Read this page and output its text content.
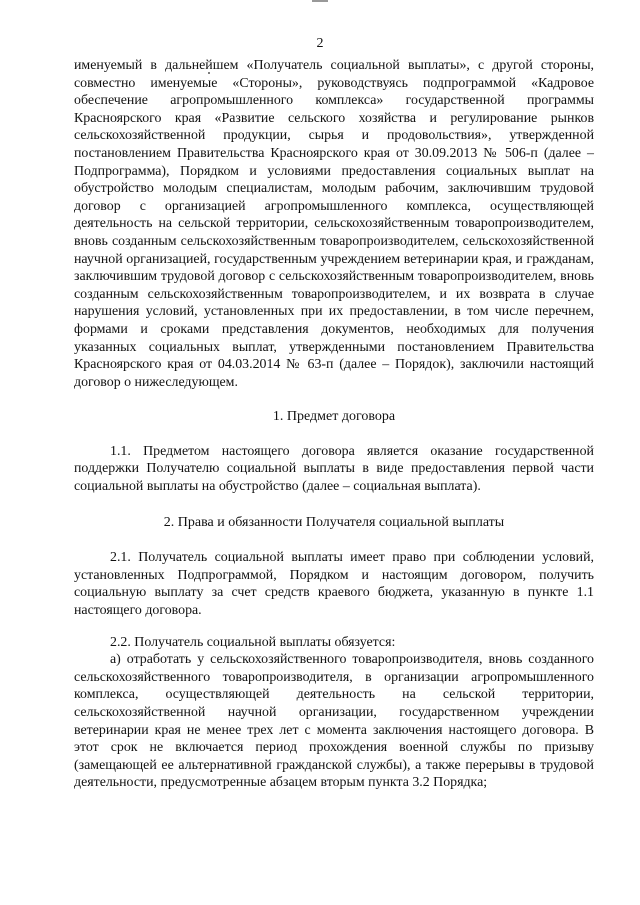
2

именуемый в дальнейшем «Получатель социальной выплаты», с другой стороны, совместно именуемые «Стороны», руководствуясь подпрограммой «Кадровое обеспечение агропромышленного комплекса» государственной программы Красноярского края «Развитие сельского хозяйства и регулирование рынков сельскохозяйственной продукции, сырья и продовольствия», утвержденной постановлением Правительства Красноярского края от 30.09.2013 № 506-п (далее – Подпрограмма), Порядком и условиями предоставления социальных выплат на обустройство молодым специалистам, молодым рабочим, заключившим трудовой договор с организацией агропромышленного комплекса, осуществляющей деятельность на сельской территории, сельскохозяйственным товаропроизводителем, вновь созданным сельскохозяйственным товаропроизводителем, сельскохозяйственной научной организацией, государственным учреждением ветеринарии края, и гражданам, заключившим трудовой договор с сельскохозяйственным товаропроизводителем, вновь созданным сельскохозяйственным товаропроизводителем, и их возврата в случае нарушения условий, установленных при их предоставлении, в том числе перечнем, формами и сроками представления документов, необходимых для получения указанных социальных выплат, утвержденными постановлением Правительства Красноярского края от 04.03.2014 № 63-п (далее – Порядок), заключили настоящий договор о нижеследующем.

1. Предмет договора

1.1. Предметом настоящего договора является оказание государственной поддержки Получателю социальной выплаты в виде предоставления первой части социальной выплаты на обустройство (далее – социальная выплата).

2. Права и обязанности Получателя социальной выплаты

2.1. Получатель социальной выплаты имеет право при соблюдении условий, установленных Подпрограммой, Порядком и настоящим договором, получить социальную выплату за счет средств краевого бюджета, указанную в пункте 1.1 настоящего договора.

2.2. Получатель социальной выплаты обязуется:

а) отработать у сельскохозяйственного товаропроизводителя, вновь созданного сельскохозяйственного товаропроизводителя, в организации агропромышленного комплекса, осуществляющей деятельность на сельской территории, сельскохозяйственной научной организации, государственном учреждении ветеринарии края не менее трех лет с момента заключения настоящего договора. В этот срок не включается период прохождения военной службы по призыву (замещающей ее альтернативной гражданской службы), а также перерывы в трудовой деятельности, предусмотренные абзацем вторым пункта 3.2 Порядка;
